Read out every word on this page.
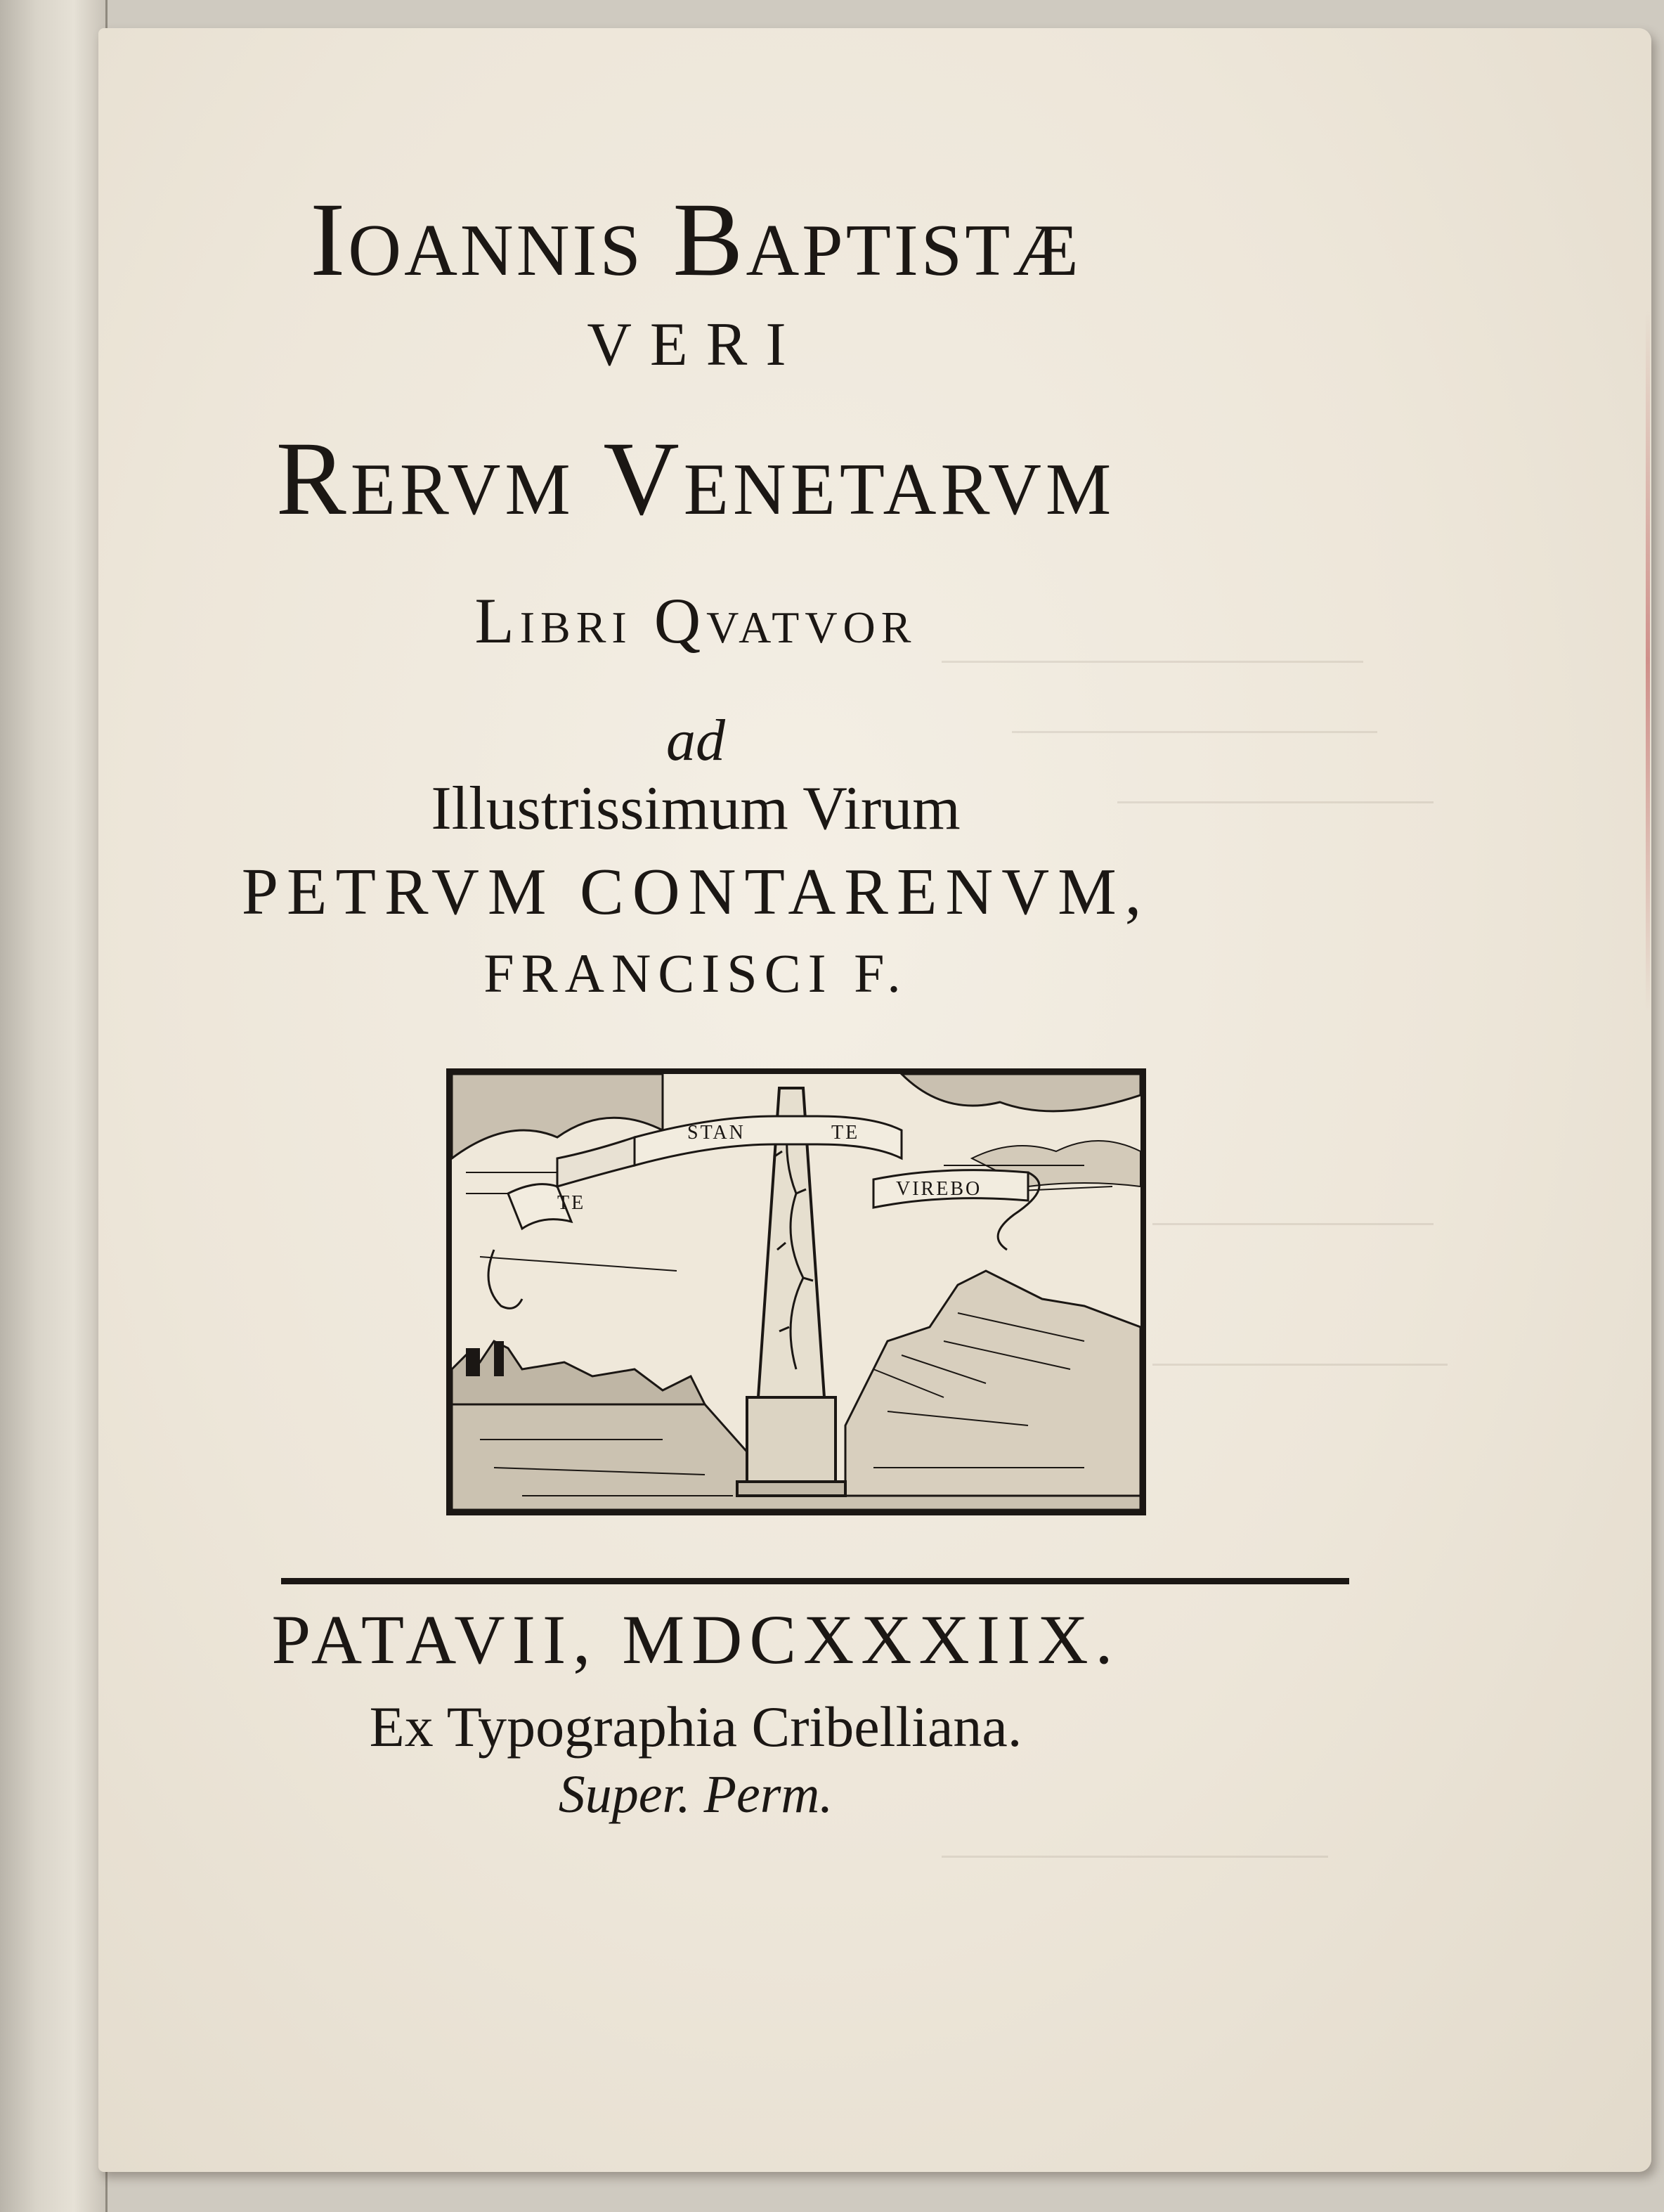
Ioannis Baptistæ
VERI
Rervm Venetarvm
Libri Qvatvor
ad
Illustrissimum Virum
PETRVM CONTARENVM,
FRANCISCI F.
TE
STAN	TE
VIREBO
PATAVII, MDCXXXIIX.
Ex Typographia Cribelliana.
Super. Perm.
